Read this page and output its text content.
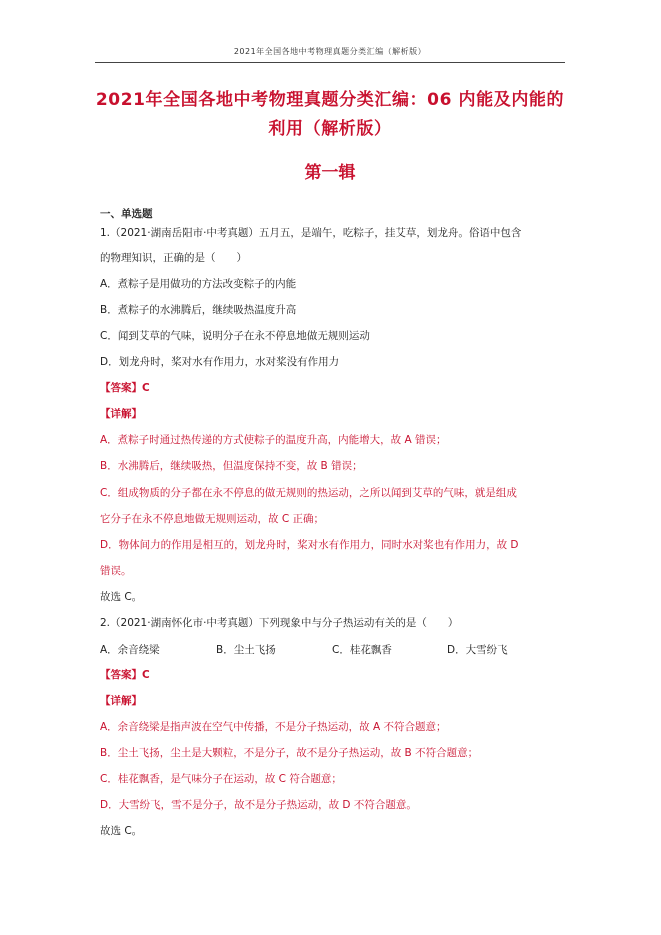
2021年全国各地中考物理真题分类汇编（解析版）
2021年全国各地中考物理真题分类汇编：06 内能及内能的
利用（解析版）
第一辑
一、单选题
1.（2021·湖南岳阳市·中考真题）五月五，是端午，吃粽子，挂艾草，划龙舟。俗语中包含
的物理知识，正确的是（　　）
A．煮粽子是用做功的方法改变粽子的内能
B．煮粽子的水沸腾后，继续吸热温度升高
C．闻到艾草的气味，说明分子在永不停息地做无规则运动
D．划龙舟时，桨对水有作用力，水对桨没有作用力
【答案】C
【详解】
A．煮粽子时通过热传递的方式使粽子的温度升高，内能增大，故 A 错误；
B．水沸腾后，继续吸热，但温度保持不变，故 B 错误；
C．组成物质的分子都在永不停息的做无规则的热运动，之所以闻到艾草的气味，就是组成
它分子在永不停息地做无规则运动，故 C 正确；
D．物体间力的作用是相互的，划龙舟时，桨对水有作用力，同时水对桨也有作用力，故 D
错误。
故选 C。
2.（2021·湖南怀化市·中考真题）下列现象中与分子热运动有关的是（　　）
A．余音绕梁	B．尘土飞扬	C．桂花飘香	D．大雪纷飞
【答案】C
【详解】
A．余音绕梁是指声波在空气中传播，不是分子热运动，故 A 不符合题意；
B．尘土飞扬，尘土是大颗粒，不是分子，故不是分子热运动，故 B 不符合题意；
C．桂花飘香，是气味分子在运动，故 C 符合题意；
D．大雪纷飞，雪不是分子，故不是分子热运动，故 D 不符合题意。
故选 C。
